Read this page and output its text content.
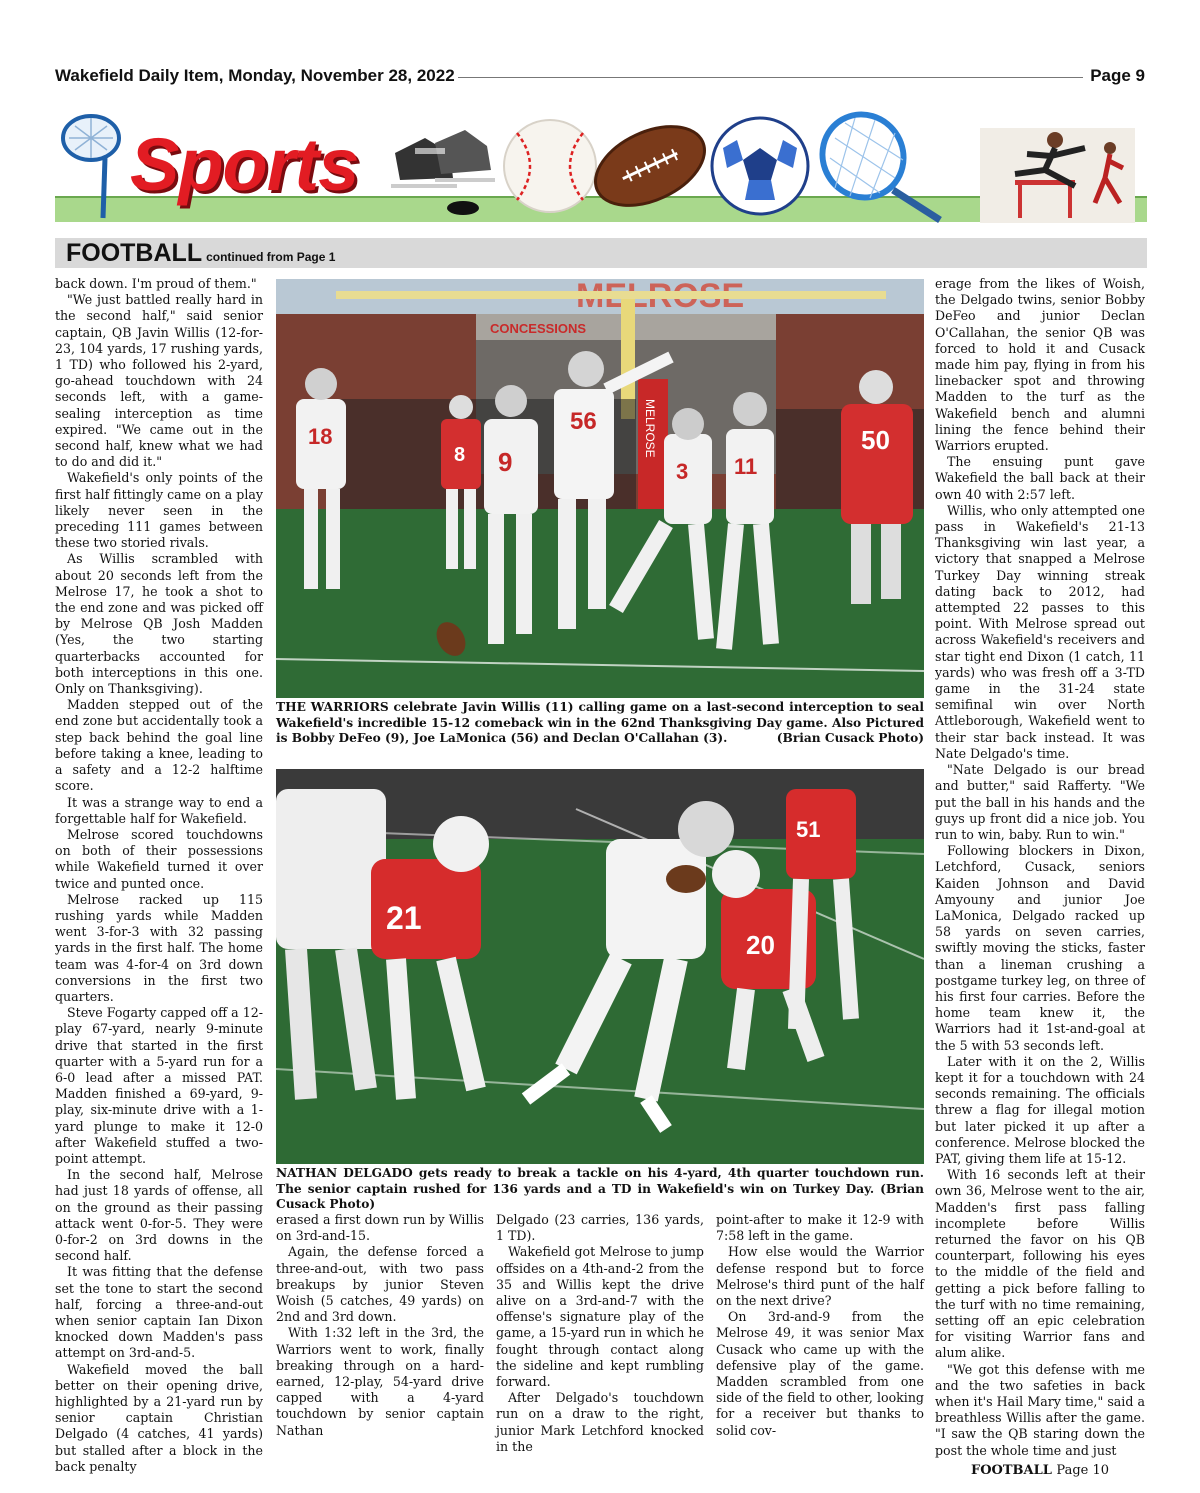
Wakefield Daily Item, Monday, November 28, 2022	Page 9
Sports
FOOTBALL continued from Page 1

back down. I'm proud of them."

"We just battled really hard in the second half," said senior captain, QB Javin Willis (12-for-23, 104 yards, 17 rushing yards, 1 TD) who followed his 2-yard, go-ahead touchdown with 24 seconds left, with a game-sealing interception as time expired. "We came out in the second half, knew what we had to do and did it."

Wakefield's only points of the first half fittingly came on a play likely never seen in the preceding 111 games between these two storied rivals.

As Willis scrambled with about 20 seconds left from the Melrose 17, he took a shot to the end zone and was picked off by Melrose QB Josh Madden (Yes, the two starting quarterbacks accounted for both interceptions in this one. Only on Thanksgiving).

Madden stepped out of the end zone but accidentally took a step back behind the goal line before taking a knee, leading to a safety and a 12-2 halftime score.

It was a strange way to end a forgettable half for Wakefield.

Melrose scored touchdowns on both of their possessions while Wakefield turned it over twice and punted once.

Melrose racked up 115 rushing yards while Madden went 3-for-3 with 32 passing yards in the first half. The home team was 4-for-4 on 3rd down conversions in the first two quarters.

Steve Fogarty capped off a 12-play 67-yard, nearly 9-minute drive that started in the first quarter with a 5-yard run for a 6-0 lead after a missed PAT. Madden finished a 69-yard, 9-play, six-minute drive with a 1-yard plunge to make it 12-0 after Wakefield stuffed a two-point attempt.

In the second half, Melrose had just 18 yards of offense, all on the ground as their passing attack went 0-for-5. They were 0-for-2 on 3rd downs in the second half.

It was fitting that the defense set the tone to start the second half, forcing a three-and-out when senior captain Ian Dixon knocked down Madden's pass attempt on 3rd-and-5.

Wakefield moved the ball better on their opening drive, highlighted by a 21-yard run by senior captain Christian Delgado (4 catches, 41 yards) but stalled after a block in the back penalty

CONCESSIONS
MELROSE
18
8 9
56
3 11
50
THE WARRIORS celebrate Javin Willis (11) calling game on a last-second interception to seal Wakefield's incredible 15-12 comeback win in the 62nd Thanksgiving Day game. Also Pictured is Bobby DeFeo (9), Joe LaMonica (56) and Declan O'Callahan (3).	(Brian Cusack Photo)
21
20
51
NATHAN DELGADO gets ready to break a tackle on his 4-yard, 4th quarter touchdown run. The senior captain rushed for 136 yards and a TD in Wakefield's win on Turkey Day. (Brian Cusack Photo)

erased a first down run by Willis on 3rd-and-15.

Again, the defense forced a three-and-out, with two pass breakups by junior Steven Woish (5 catches, 49 yards) on 2nd and 3rd down.

With 1:32 left in the 3rd, the Warriors went to work, finally breaking through on a hard-earned, 12-play, 54-yard drive capped with a 4-yard touchdown by senior captain Nathan

Delgado (23 carries, 136 yards, 1 TD).

Wakefield got Melrose to jump offsides on a 4th-and-2 from the 35 and Willis kept the drive alive on a 3rd-and-7 with the offense's signature play of the game, a 15-yard run in which he fought through contact along the sideline and kept rumbling forward.

After Delgado's touchdown run on a draw to the right, junior Mark Letchford knocked in the

point-after to make it 12-9 with 7:58 left in the game.

How else would the Warrior defense respond but to force Melrose's third punt of the half on the next drive?

On 3rd-and-9 from the Melrose 49, it was senior Max Cusack who came up with the defensive play of the game. Madden scrambled from one side of the field to other, looking for a receiver but thanks to solid cov-

erage from the likes of Woish, the Delgado twins, senior Bobby DeFeo and junior Declan O'Callahan, the senior QB was forced to hold it and Cusack made him pay, flying in from his linebacker spot and throwing Madden to the turf as the Wakefield bench and alumni lining the fence behind their Warriors erupted.

The ensuing punt gave Wakefield the ball back at their own 40 with 2:57 left.

Willis, who only attempted one pass in Wakefield's 21-13 Thanksgiving win last year, a victory that snapped a Melrose Turkey Day winning streak dating back to 2012, had attempted 22 passes to this point. With Melrose spread out across Wakefield's receivers and star tight end Dixon (1 catch, 11 yards) who was fresh off a 3-TD game in the 31-24 state semifinal win over North Attleborough, Wakefield went to their star back instead. It was Nate Delgado's time.

"Nate Delgado is our bread and butter," said Rafferty. "We put the ball in his hands and the guys up front did a nice job. You run to win, baby. Run to win."

Following blockers in Dixon, Letchford, Cusack, seniors Kaiden Johnson and David Amyouny and junior Joe LaMonica, Delgado racked up 58 yards on seven carries, swiftly moving the sticks, faster than a lineman crushing a postgame turkey leg, on three of his first four carries. Before the home team knew it, the Warriors had it 1st-and-goal at the 5 with 53 seconds left.

Later with it on the 2, Willis kept it for a touchdown with 24 seconds remaining. The officials threw a flag for illegal motion but later picked it up after a conference. Melrose blocked the PAT, giving them life at 15-12.

With 16 seconds left at their own 36, Melrose went to the air, Madden's first pass falling incomplete before Willis returned the favor on his QB counterpart, following his eyes to the middle of the field and getting a pick before falling to the turf with no time remaining, setting off an epic celebration for visiting Warrior fans and alum alike.

"We got this defense with me and the two safeties in back when it's Hail Mary time," said a breathless Willis after the game. "I saw the QB staring down the post the whole time and just

FOOTBALL Page 10
